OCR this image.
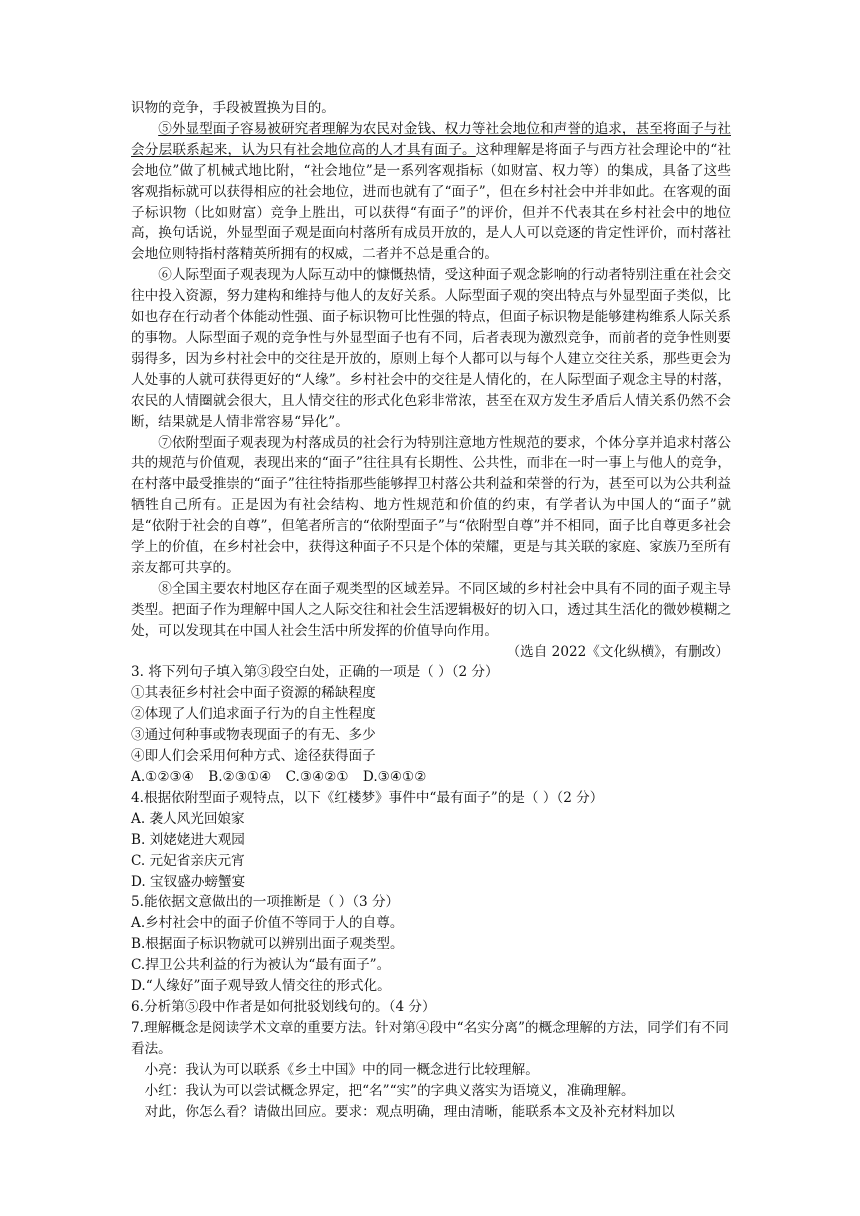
识物的竞争，手段被置换为目的。

⑤外显型面子容易被研究者理解为农民对金钱、权力等社会地位和声誉的追求，甚至将面子与社会分层联系起来，认为只有社会地位高的人才具有面子。这种理解是将面子与西方社会理论中的“社会地位”做了机械式地比附，“社会地位”是一系列客观指标（如财富、权力等）的集成，具备了这些客观指标就可以获得相应的社会地位，进而也就有了“面子”，但在乡村社会中并非如此。在客观的面子标识物（比如财富）竞争上胜出，可以获得“有面子”的评价，但并不代表其在乡村社会中的地位高，换句话说，外显型面子观是面向村落所有成员开放的，是人人可以竞逐的肯定性评价，而村落社会地位则特指村落精英所拥有的权威，二者并不总是重合的。

⑥人际型面子观表现为人际互动中的慷慨热情，受这种面子观念影响的行动者特别注重在社会交往中投入资源，努力建构和维持与他人的友好关系。人际型面子观的突出特点与外显型面子类似，比如也存在行动者个体能动性强、面子标识物可比性强的特点，但面子标识物是能够建构维系人际关系的事物。人际型面子观的竞争性与外显型面子也有不同，后者表现为激烈竞争，而前者的竞争性则要弱得多，因为乡村社会中的交往是开放的，原则上每个人都可以与每个人建立交往关系，那些更会为人处事的人就可获得更好的“人缘”。乡村社会中的交往是人情化的，在人际型面子观念主导的村落，农民的人情圈就会很大，且人情交往的形式化色彩非常浓，甚至在双方发生矛盾后人情关系仍然不会断，结果就是人情非常容易“异化”。

⑦依附型面子观表现为村落成员的社会行为特别注意地方性规范的要求，个体分享并追求村落公共的规范与价值观，表现出来的“面子”往往具有长期性、公共性，而非在一时一事上与他人的竞争，在村落中最受推崇的“面子”往往特指那些能够捍卫村落公共利益和荣誉的行为，甚至可以为公共利益牺牲自己所有。正是因为有社会结构、地方性规范和价值的约束，有学者认为中国人的“面子”就是“依附于社会的自尊”，但笔者所言的“依附型面子”与“依附型自尊”并不相同，面子比自尊更多社会学上的价值，在乡村社会中，获得这种面子不只是个体的荣耀，更是与其关联的家庭、家族乃至所有亲友都可共享的。

⑧全国主要农村地区存在面子观类型的区域差异。不同区域的乡村社会中具有不同的面子观主导类型。把面子作为理解中国人之人际交往和社会生活逻辑极好的切入口，透过其生活化的微妙模糊之处，可以发现其在中国人社会生活中所发挥的价值导向作用。

（选自 2022《文化纵横》，有删改）

3. 将下列句子填入第③段空白处，正确的一项是（ ）（2 分）

①其表征乡村社会中面子资源的稀缺程度

②体现了人们追求面子行为的自主性程度

③通过何种事或物表现面子的有无、多少

④即人们会采用何种方式、途径获得面子

A.①②③④ B.②③①④ C.③④②① D.③④①②

4.根据依附型面子观特点，以下《红楼梦》事件中“最有面子”的是（ ）（2 分）

A. 袭人风光回娘家

B. 刘姥姥进大观园

C. 元妃省亲庆元宵

D. 宝钗盛办螃蟹宴

5.能依据文意做出的一项推断是（ ）（3 分）

A.乡村社会中的面子价值不等同于人的自尊。

B.根据面子标识物就可以辨别出面子观类型。

C.捍卫公共利益的行为被认为“最有面子”。

D.“人缘好”面子观导致人情交往的形式化。

6.分析第⑤段中作者是如何批驳划线句的。（4 分）

7.理解概念是阅读学术文章的重要方法。针对第④段中“名实分离”的概念理解的方法，同学们有不同看法。

小亮：我认为可以联系《乡土中国》中的同一概念进行比较理解。

小红：我认为可以尝试概念界定，把“名”“实”的字典义落实为语境义，准确理解。

对此，你怎么看？请做出回应。要求：观点明确，理由清晰，能联系本文及补充材料加以
